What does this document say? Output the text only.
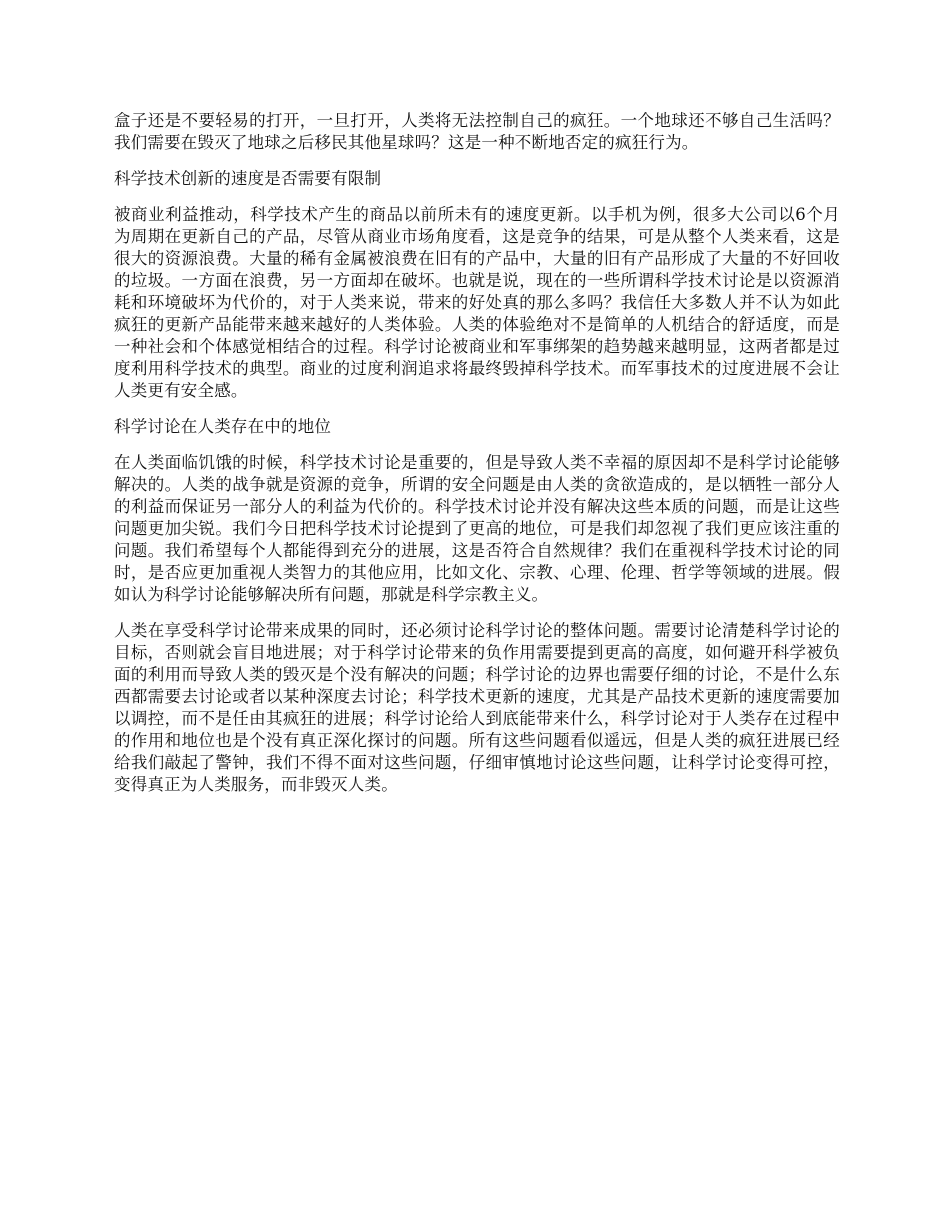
盒子还是不要轻易的打开，一旦打开，人类将无法控制自己的疯狂。一个地球还不够自己生活吗？我们需要在毁灭了地球之后移民其他星球吗？这是一种不断地否定的疯狂行为。

科学技术创新的速度是否需要有限制

被商业利益推动，科学技术产生的商品以前所未有的速度更新。以手机为例，很多大公司以6个月为周期在更新自己的产品，尽管从商业市场角度看，这是竞争的结果，可是从整个人类来看，这是很大的资源浪费。大量的稀有金属被浪费在旧有的产品中，大量的旧有产品形成了大量的不好回收的垃圾。一方面在浪费，另一方面却在破坏。也就是说，现在的一些所谓科学技术讨论是以资源消耗和环境破坏为代价的，对于人类来说，带来的好处真的那么多吗？我信任大多数人并不认为如此疯狂的更新产品能带来越来越好的人类体验。人类的体验绝对不是简单的人机结合的舒适度，而是一种社会和个体感觉相结合的过程。科学讨论被商业和军事绑架的趋势越来越明显，这两者都是过度利用科学技术的典型。商业的过度利润追求将最终毁掉科学技术。而军事技术的过度进展不会让人类更有安全感。

科学讨论在人类存在中的地位

在人类面临饥饿的时候，科学技术讨论是重要的，但是导致人类不幸福的原因却不是科学讨论能够解决的。人类的战争就是资源的竞争，所谓的安全问题是由人类的贪欲造成的，是以牺牲一部分人的利益而保证另一部分人的利益为代价的。科学技术讨论并没有解决这些本质的问题，而是让这些问题更加尖锐。我们今日把科学技术讨论提到了更高的地位，可是我们却忽视了我们更应该注重的问题。我们希望每个人都能得到充分的进展，这是否符合自然规律？我们在重视科学技术讨论的同时，是否应更加重视人类智力的其他应用，比如文化、宗教、心理、伦理、哲学等领域的进展。假如认为科学讨论能够解决所有问题，那就是科学宗教主义。

人类在享受科学讨论带来成果的同时，还必须讨论科学讨论的整体问题。需要讨论清楚科学讨论的目标，否则就会盲目地进展；对于科学讨论带来的负作用需要提到更高的高度，如何避开科学被负面的利用而导致人类的毁灭是个没有解决的问题；科学讨论的边界也需要仔细的讨论，不是什么东西都需要去讨论或者以某种深度去讨论；科学技术更新的速度，尤其是产品技术更新的速度需要加以调控，而不是任由其疯狂的进展；科学讨论给人到底能带来什么，科学讨论对于人类存在过程中的作用和地位也是个没有真正深化探讨的问题。所有这些问题看似遥远，但是人类的疯狂进展已经给我们敲起了警钟，我们不得不面对这些问题，仔细审慎地讨论这些问题，让科学讨论变得可控，变得真正为人类服务，而非毁灭人类。
